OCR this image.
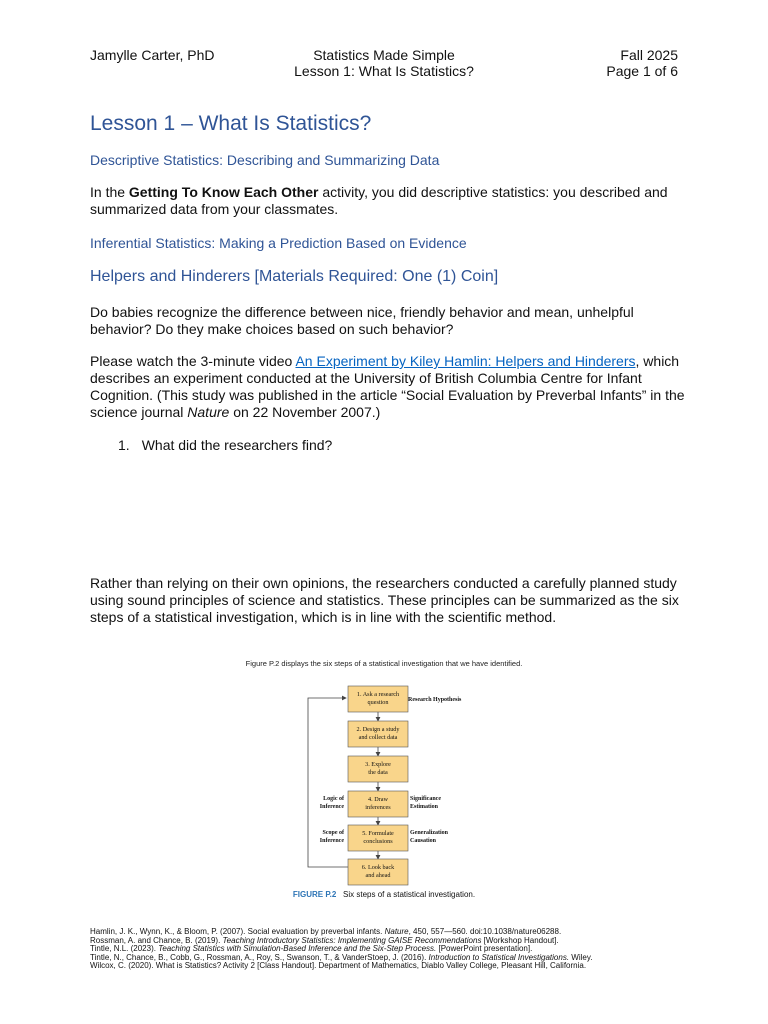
Jamylle Carter, PhD	Statistics Made Simple
Lesson 1: What Is Statistics?
Fall 2025
Page 1 of 6
Lesson 1 – What Is Statistics?
Descriptive Statistics: Describing and Summarizing Data
In the Getting To Know Each Other activity, you did descriptive statistics: you described and summarized data from your classmates.
Inferential Statistics: Making a Prediction Based on Evidence
Helpers and Hinderers [Materials Required: One (1) Coin]
Do babies recognize the difference between nice, friendly behavior and mean, unhelpful behavior? Do they make choices based on such behavior?
Please watch the 3-minute video An Experiment by Kiley Hamlin: Helpers and Hinderers, which describes an experiment conducted at the University of British Columbia Centre for Infant Cognition. (This study was published in the article “Social Evaluation by Preverbal Infants” in the science journal Nature on 22 November 2007.)
1. What did the researchers find?
Rather than relying on their own opinions, the researchers conducted a carefully planned study using sound principles of science and statistics. These principles can be summarized as the six steps of a statistical investigation, which is in line with the scientific method.
Figure P.2 displays the six steps of a statistical investigation that we have identified.
1. Ask a research
question
2. Design a study
and collect data
3. Explore
the data
4. Draw
inferences
5. Formulate
conclusions
6. Look back
and ahead
Research Hypothesis
Logic of
Inference
Scope of
Inference
Significance
Estimation
Generalization
Causation
FIGURE P.2 Six steps of a statistical investigation.
Hamlin, J. K., Wynn, K., & Bloom, P. (2007). Social evaluation by preverbal infants. Nature, 450, 557—560. doi:10.1038/nature06288.
Rossman, A. and Chance, B. (2019). Teaching Introductory Statistics: Implementing GAISE Recommendations [Workshop Handout].
Tintle, N.L. (2023). Teaching Statistics with Simulation-Based Inference and the Six-Step Process. [PowerPoint presentation].
Tintle, N., Chance, B., Cobb, G., Rossman, A., Roy, S., Swanson, T., & VanderStoep, J. (2016). Introduction to Statistical Investigations. Wiley.
Wilcox, C. (2020). What is Statistics? Activity 2 [Class Handout]. Department of Mathematics, Diablo Valley College, Pleasant Hill, California.
